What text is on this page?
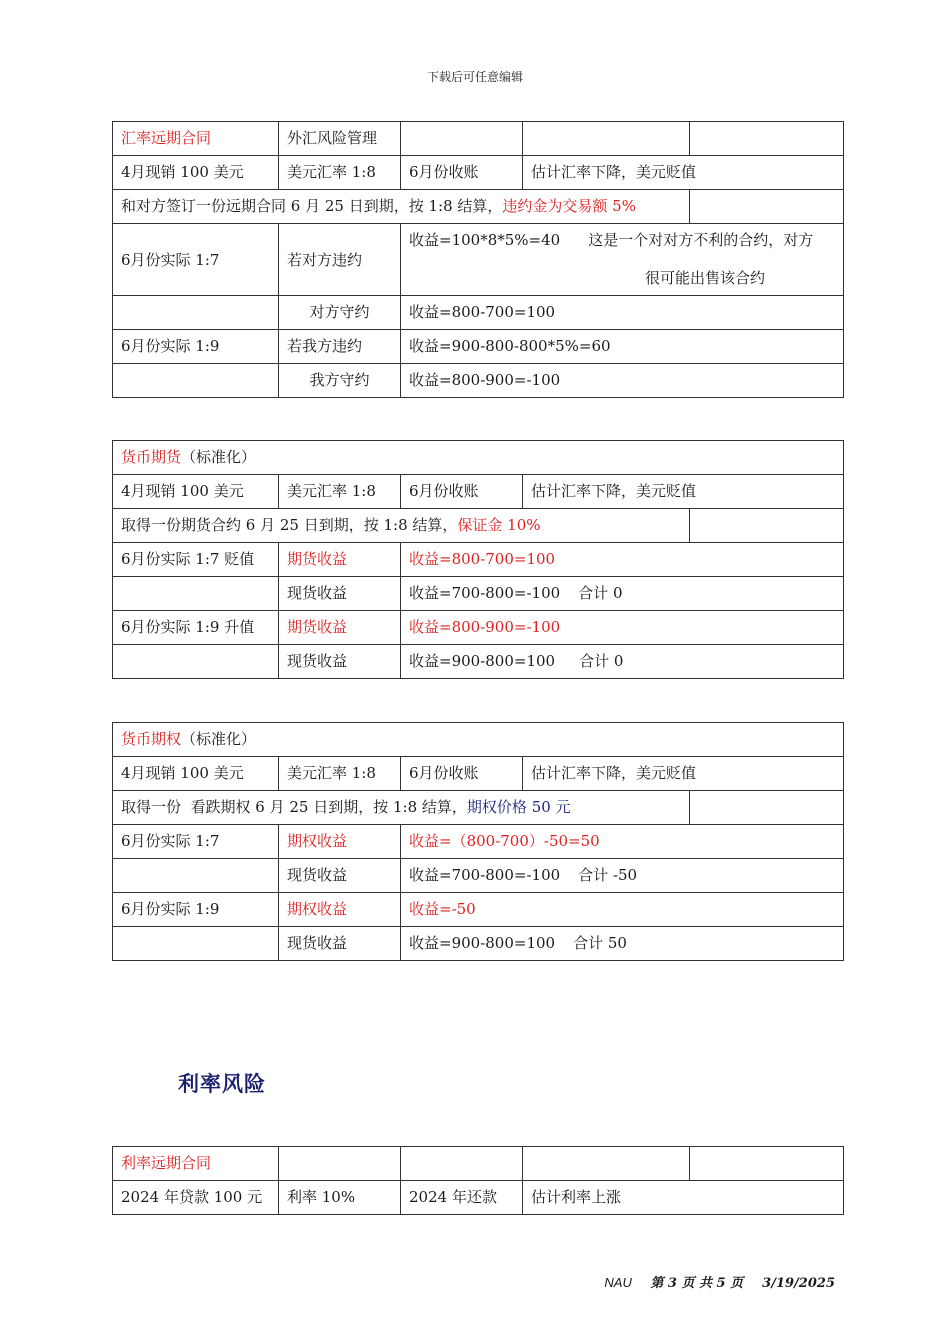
下载后可任意编辑
汇率远期合同	外汇风险管理			
4月现销 100 美元	美元汇率 1:8	6月份收账	估计汇率下降，美元贬值	
和对方签订一份远期合同 6 月 25 日到期，按 1:8 结算，违约金为交易额 5%				
6月份实际 1:7	若对方违约	收益=100*8*5%=40 这是一个对对方不利的合约，对方
很可能出售该合约		

	对方守约	收益=800-700=100		
6月份实际 1:9	若我方违约	收益=900-800-800*5%=60		
	我方守约	收益=800-900=-100		
货币期货（标准化）				
4月现销 100 美元	美元汇率 1:8	6月份收账	估计汇率下降，美元贬值	
取得一份期货合约 6 月 25 日到期，按 1:8 结算，保证金 10%				
6月份实际 1:7 贬值	期货收益	收益=800-700=100		
	现货收益	收益=700-800=-100 合计 0		
6月份实际 1:9 升值	期货收益	收益=800-900=-100		
	现货收益	收益=900-800=100 合计 0		
货币期权（标准化）				
4月现销 100 美元	美元汇率 1:8	6月份收账	估计汇率下降，美元贬值	
取得一份  看跌期权 6 月 25 日到期，按 1:8 结算，期权价格 50 元				
6月份实际 1:7	期权收益	收益=（800-700）-50=50		
	现货收益	收益=700-800=-100 合计 -50		
6月份实际 1:9	期权收益	收益=-50		
	现货收益	收益=900-800=100 合计 50		
利率风险
利率远期合同				
2024 年贷款 100 元	利率 10%	2024 年还款	估计利率上涨	
NAU 第 3 页 共 5 页 3/19/2025
